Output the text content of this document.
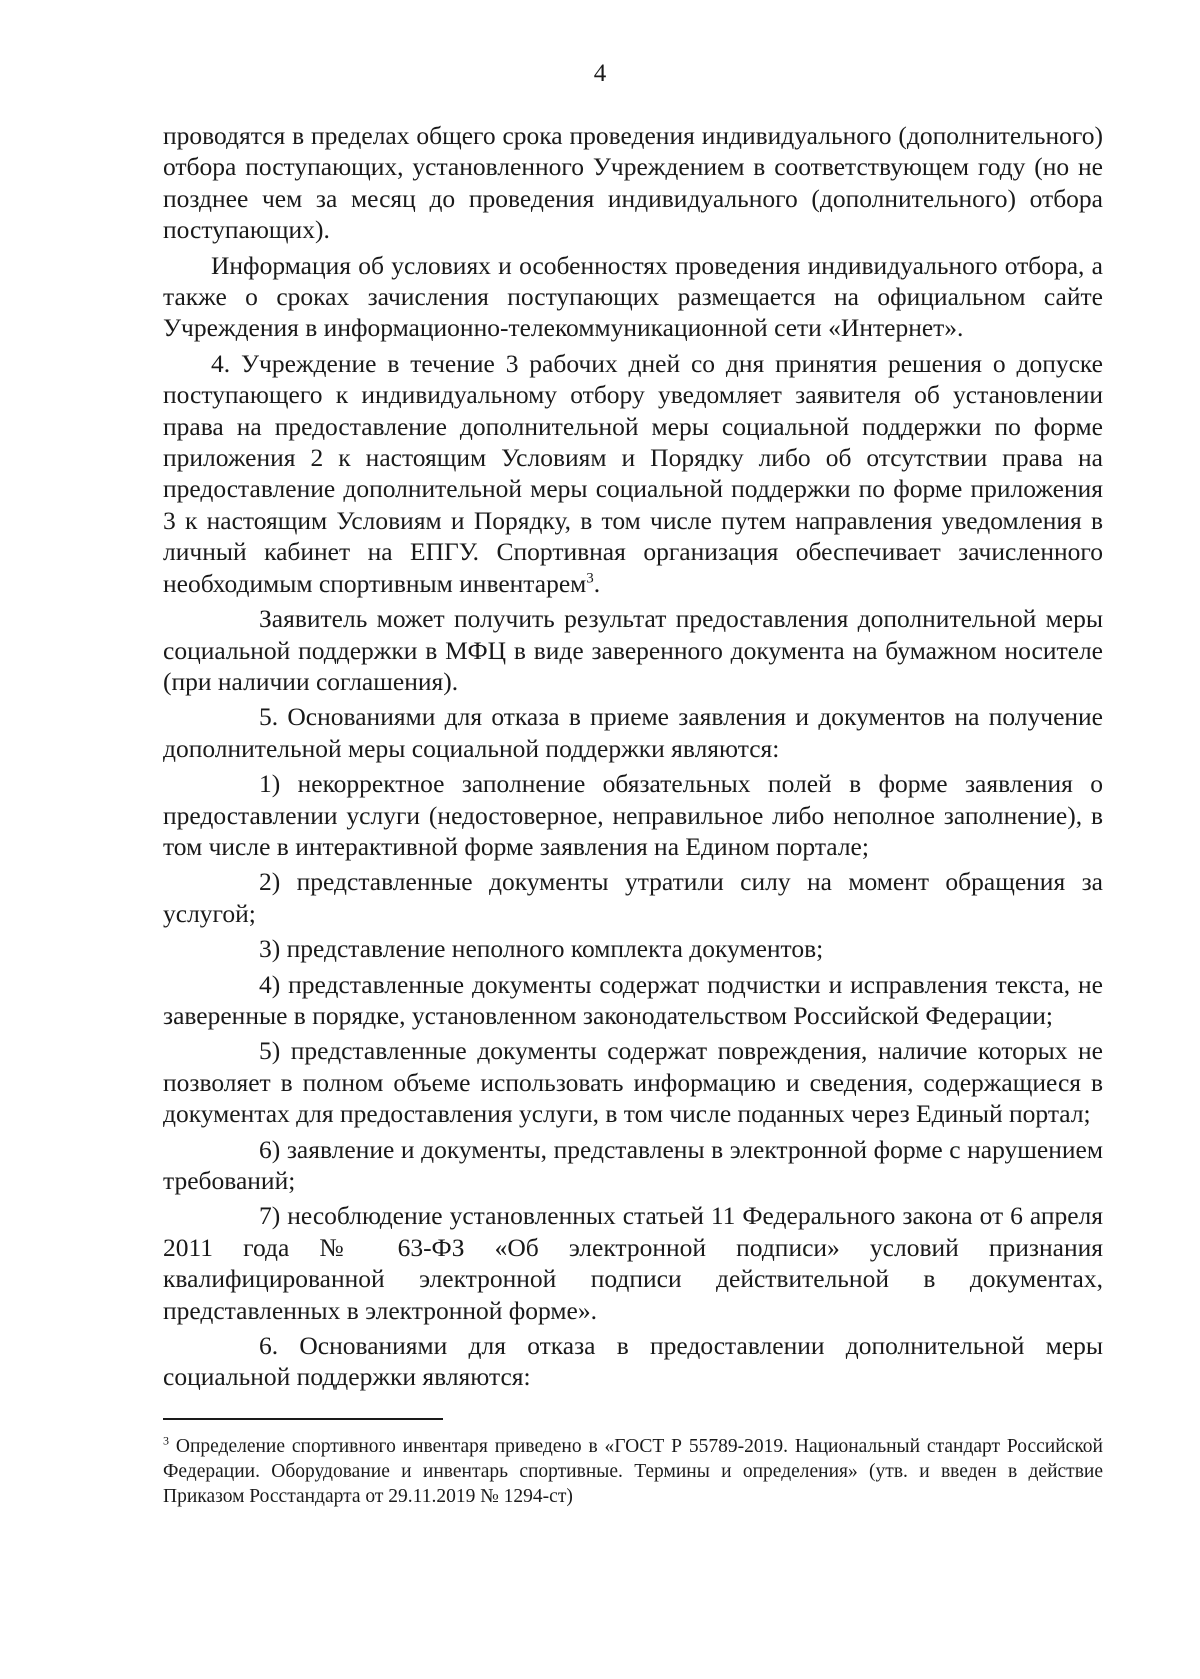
4

проводятся в пределах общего срока проведения индивидуального (дополнительного) отбора поступающих, установленного Учреждением в соответствующем году (но не позднее чем за месяц до проведения индивидуального (дополнительного) отбора поступающих).

Информация об условиях и особенностях проведения индивидуального отбора, а также о сроках зачисления поступающих размещается на официальном сайте Учреждения в информационно-телекоммуникационной сети «Интернет».

4. Учреждение в течение 3 рабочих дней со дня принятия решения о допуске поступающего к индивидуальному отбору уведомляет заявителя об установлении права на предоставление дополнительной меры социальной поддержки по форме приложения 2 к настоящим Условиям и Порядку либо об отсутствии права на предоставление дополнительной меры социальной поддержки по форме приложения 3 к настоящим Условиям и Порядку, в том числе путем направления уведомления в личный кабинет на ЕПГУ. Спортивная организация обеспечивает зачисленного необходимым спортивным инвентарем$^3$.

Заявитель может получить результат предоставления дополнительной меры социальной поддержки в МФЦ в виде заверенного документа на бумажном носителе (при наличии соглашения).

5. Основаниями для отказа в приеме заявления и документов на получение дополнительной меры социальной поддержки являются:

1) некорректное заполнение обязательных полей в форме заявления о предоставлении услуги (недостоверное, неправильное либо неполное заполнение), в том числе в интерактивной форме заявления на Едином портале;

2) представленные документы утратили силу на момент обращения за услугой;

3) представление неполного комплекта документов;

4) представленные документы содержат подчистки и исправления текста, не заверенные в порядке, установленном законодательством Российской Федерации;

5) представленные документы содержат повреждения, наличие которых не позволяет в полном объеме использовать информацию и сведения, содержащиеся в документах для предоставления услуги, в том числе поданных через Единый портал;

6) заявление и документы, представлены в электронной форме с нарушением требований;

7) несоблюдение установленных статьей 11 Федерального закона от 6 апреля 2011 года № 63-ФЗ «Об электронной подписи» условий признания квалифицированной электронной подписи действительной в документах, представленных в электронной форме».

6. Основаниями для отказа в предоставлении дополнительной меры социальной поддержки являются:

$^3$ Определение спортивного инвентаря приведено в «ГОСТ Р 55789-2019. Национальный стандарт Российской Федерации. Оборудование и инвентарь спортивные. Термины и определения» (утв. и введен в действие Приказом Росстандарта от 29.11.2019 № 1294-ст)
